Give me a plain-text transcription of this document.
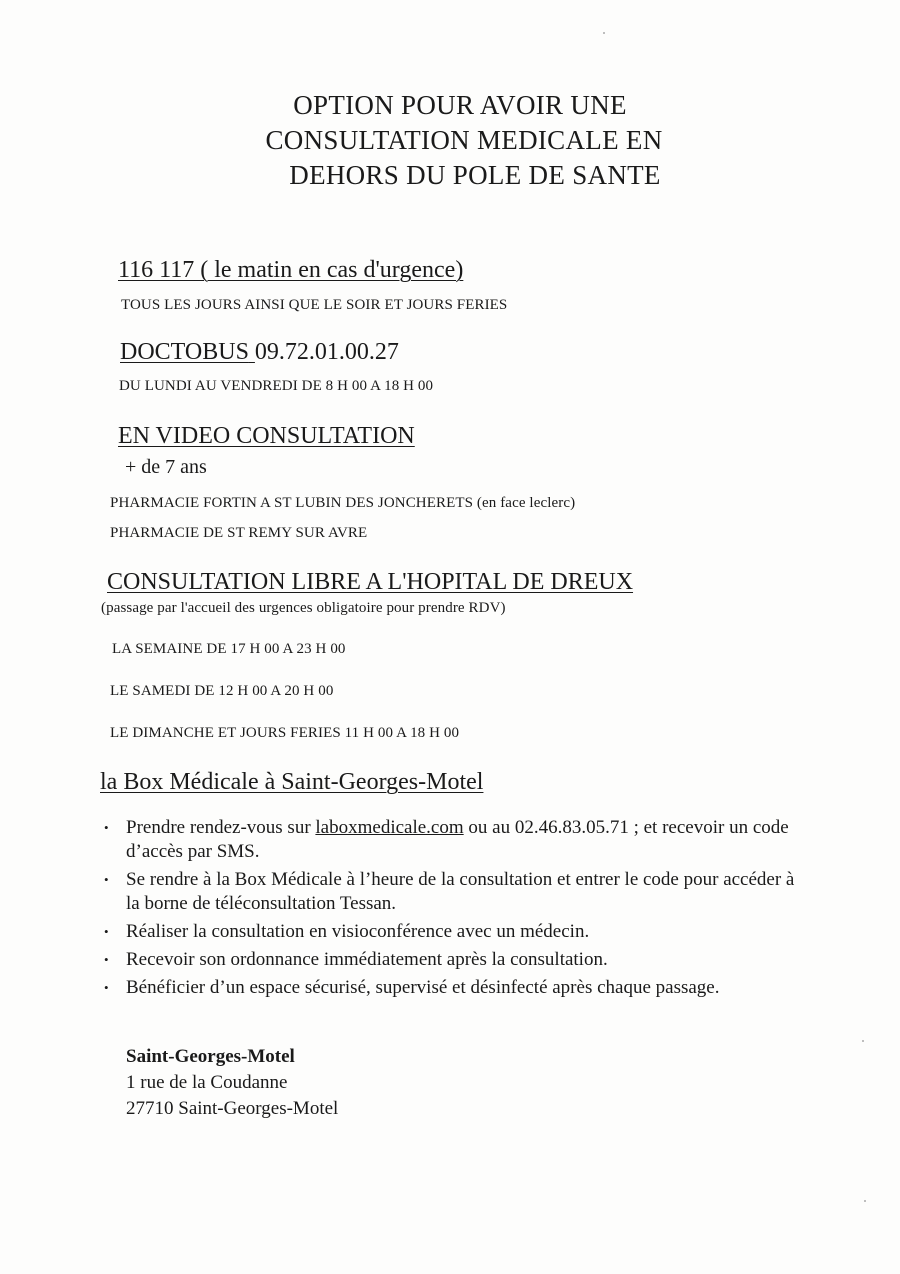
OPTION POUR AVOIR UNE
CONSULTATION MEDICALE EN
DEHORS DU POLE DE SANTE
116 117 ( le matin en cas d'urgence)
TOUS LES JOURS AINSI QUE LE SOIR ET JOURS FERIES
DOCTOBUS 09.72.01.00.27
DU LUNDI AU VENDREDI DE 8 H 00 A 18 H 00
EN VIDEO CONSULTATION
+ de 7 ans
PHARMACIE FORTIN A ST LUBIN DES JONCHERETS (en face leclerc)
PHARMACIE DE ST REMY SUR AVRE
CONSULTATION LIBRE A L'HOPITAL DE DREUX
(passage par l'accueil des urgences obligatoire pour prendre RDV)
LA SEMAINE DE 17 H 00 A 23 H 00
LE SAMEDI DE 12 H 00 A 20 H 00
LE DIMANCHE ET JOURS FERIES 11 H 00 A 18 H 00
la Box Médicale à Saint-Georges-Motel
• Prendre rendez-vous sur laboxmedicale.com ou au 02.46.83.05.71 ; et recevoir un code d’accès par SMS.
• Se rendre à la Box Médicale à l’heure de la consultation et entrer le code pour accéder à la borne de téléconsultation Tessan.
• Réaliser la consultation en visioconférence avec un médecin.
• Recevoir son ordonnance immédiatement après la consultation.
• Bénéficier d’un espace sécurisé, supervisé et désinfecté après chaque passage.
Saint-Georges-Motel
1 rue de la Coudanne
27710 Saint-Georges-Motel
